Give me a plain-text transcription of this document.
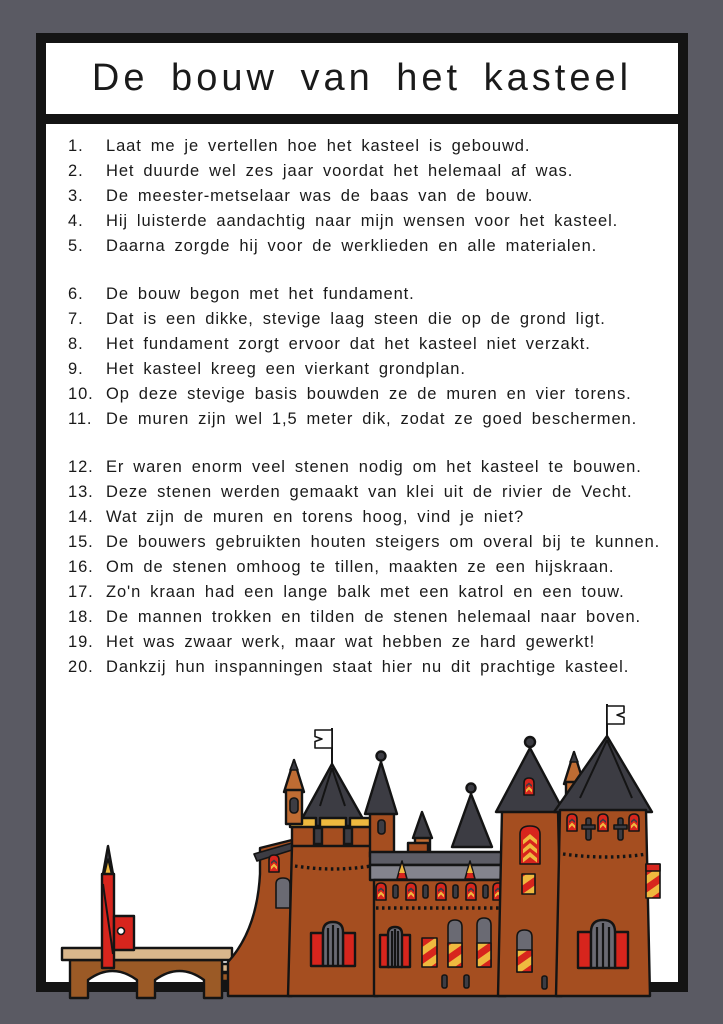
De bouw van het kasteel
1.	Laat me je vertellen hoe het kasteel is gebouwd.
2.	Het duurde wel zes jaar voordat het helemaal af was.
3.	De meester-metselaar was de baas van de bouw.
4.	Hij luisterde aandachtig naar mijn wensen voor het kasteel.
5.	Daarna zorgde hij voor de werklieden en alle materialen.
6.	De bouw begon met het fundament.
7.	Dat is een dikke, stevige laag steen die op de grond ligt.
8.	Het fundament zorgt ervoor dat het kasteel niet verzakt.
9.	Het kasteel kreeg een vierkant grondplan.
10. Op deze stevige basis bouwden ze de muren en vier torens.
11. De muren zijn wel 1,5 meter dik, zodat ze goed beschermen.
12. Er waren enorm veel stenen nodig om het kasteel te bouwen.
13. Deze stenen werden gemaakt van klei uit de rivier de Vecht.
14. Wat zijn de muren en torens hoog, vind je niet?
15. De bouwers gebruikten houten steigers om overal bij te kunnen.
16. Om de stenen omhoog te tillen, maakten ze een hijskraan.
17. Zo'n kraan had een lange balk met een katrol en een touw.
18. De mannen trokken en tilden de stenen helemaal naar boven.
19. Het was zwaar werk, maar wat hebben ze hard gewerkt!
20. Dankzij hun inspanningen staat hier nu dit prachtige kasteel.
